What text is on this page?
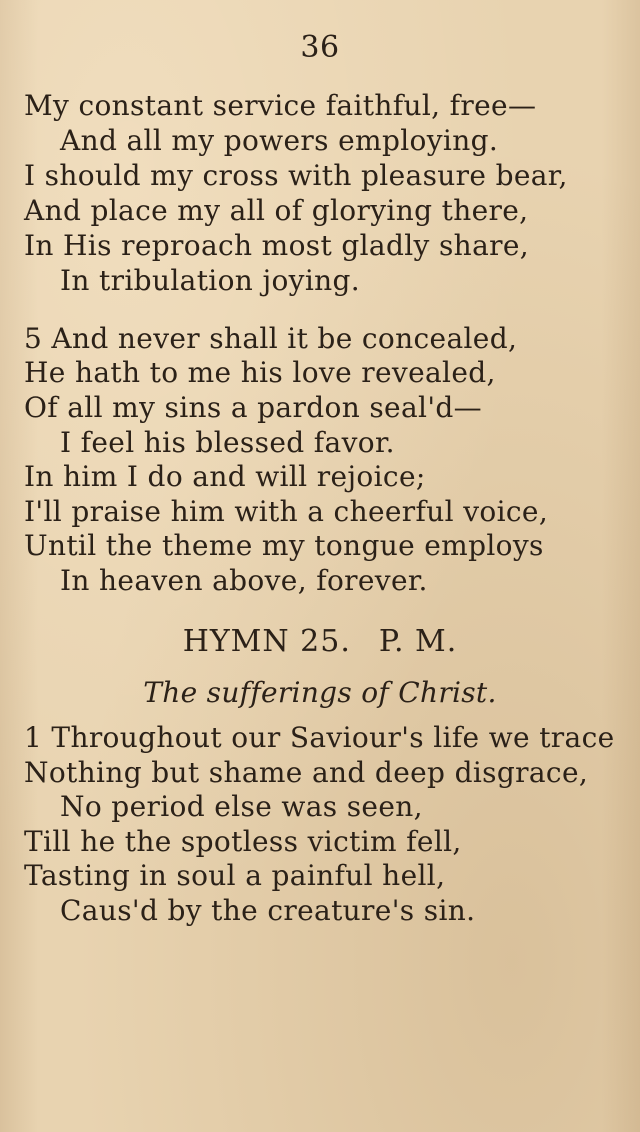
36
My constant service faithful, free—
And all my powers employing.
I should my cross with pleasure bear,
And place my all of glorying there,
In His reproach most gladly share,
In tribulation joying.
5 And never shall it be concealed,
He hath to me his love revealed,
Of all my sins a pardon seal'd—
I feel his blessed favor.
In him I do and will rejoice;
I'll praise him with a cheerful voice,
Until the theme my tongue employs
In heaven above, forever.
HYMN 25. P. M.
The sufferings of Christ.
1 Throughout our Saviour's life we trace
Nothing but shame and deep disgrace,
No period else was seen,
Till he the spotless victim fell,
Tasting in soul a painful hell,
Caus'd by the creature's sin.
